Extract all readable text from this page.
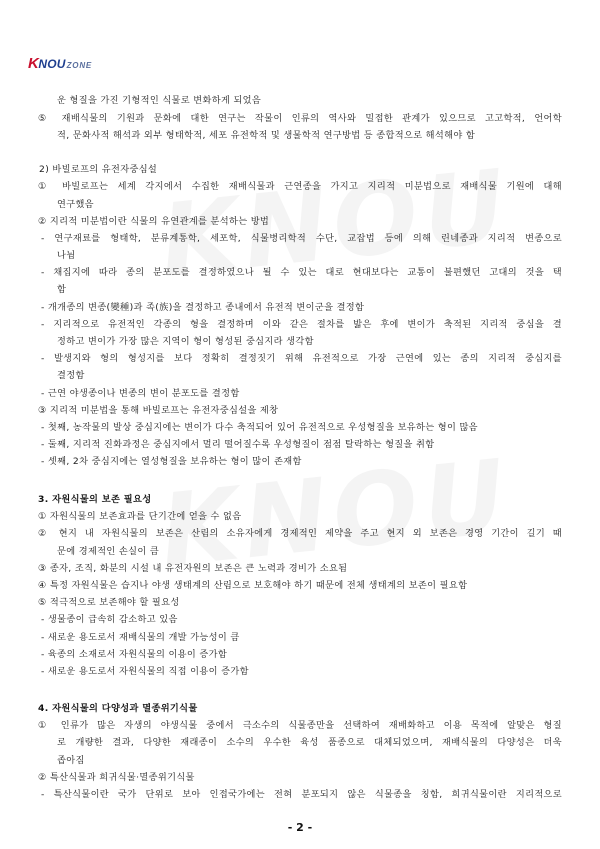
KNOUZONE
운 형질을 가진 기형적인 식물로 변화하게 되었음
⑤ 재배식물의 기원과 문화에 대한 연구는 작물이 인류의 역사와 밀접한 관계가 있으므로 고고학적, 언어학
적, 문화사적 해석과 외부 형태학적, 세포 유전학적 및 생물학적 연구방법 등 종합적으로 해석해야 함
2) 바빌로프의 유전자중심설
① 바빌로프는 세계 각지에서 수집한 재배식물과 근연종을 가지고 지리적 미분법으로 재배식물 기원에 대해
연구했음
② 지리적 미분법이란 식물의 유연관계를 분석하는 방법
- 연구재료를 형태학, 분류계통학, 세포학, 식물병리학적 수단, 교잡법 등에 의해 린네종과 지리적 변종으로
나뉨
- 채집지에 따라 종의 분포도를 결정하였으나 될 수 있는 대로 현대보다는 교통이 불편했던 고대의 것을 택
함
- 개개종의 변종(變種)과 족(族)을 결정하고 종내에서 유전적 변이군을 결정함
- 지리적으로 유전적인 각종의 형을 결정하며 이와 같은 절차를 밟은 후에 변이가 축적된 지리적 중심을 결
정하고 변이가 가장 많은 지역이 형이 형성된 중심지라 생각함
- 발생지와 형의 형성지를 보다 정확히 결정짓기 위해 유전적으로 가장 근연에 있는 종의 지리적 중심지를
결정함
- 근연 야생종이나 변종의 변이 분포도를 결정함
③ 지리적 미분법을 통해 바빌로프는 유전자중심설을 제창
- 첫째, 농작물의 발상 중심지에는 변이가 다수 축적되어 있어 유전적으로 우성형질을 보유하는 형이 많음
- 둘째, 지리적 진화과정은 중심지에서 멀리 떨어질수록 우성형질이 점점 탈락하는 형질을 취함
- 셋째, 2차 중심지에는 열성형질을 보유하는 형이 많이 존재함
3. 자원식물의 보존 필요성
① 자원식물의 보존효과를 단기간에 얻을 수 없음
② 현지 내 자원식물의 보존은 산림의 소유자에게 경제적인 제약을 주고 현지 외 보존은 경영 기간이 길기 때
문에 경제적인 손실이 큼
③ 종자, 조직, 화분의 시설 내 유전자원의 보존은 큰 노력과 경비가 소요됨
④ 특정 자원식물은 습지나 야생 생태계의 산림으로 보호해야 하기 때문에 전체 생태계의 보존이 필요함
⑤ 적극적으로 보존해야 할 필요성
- 생물종이 급속히 감소하고 있음
- 새로운 용도로서 재배식물의 개발 가능성이 큼
- 육종의 소재로서 자원식물의 이용이 증가함
- 새로운 용도로서 자원식물의 직접 이용이 증가함
4. 자원식물의 다양성과 멸종위기식물
① 인류가 많은 자생의 야생식물 중에서 극소수의 식물종만을 선택하여 재배화하고 이용 목적에 알맞은 형질
로 개량한 결과, 다양한 재래종이 소수의 우수한 육성 품종으로 대체되었으며, 재배식물의 다양성은 더욱
좁아짐
② 특산식물과 희귀식물·멸종위기식물
- 특산식물이란 국가 단위로 보아 인접국가에는 전혀 분포되지 않은 식물종을 칭함, 희귀식물이란 지리적으로
- 2 -
